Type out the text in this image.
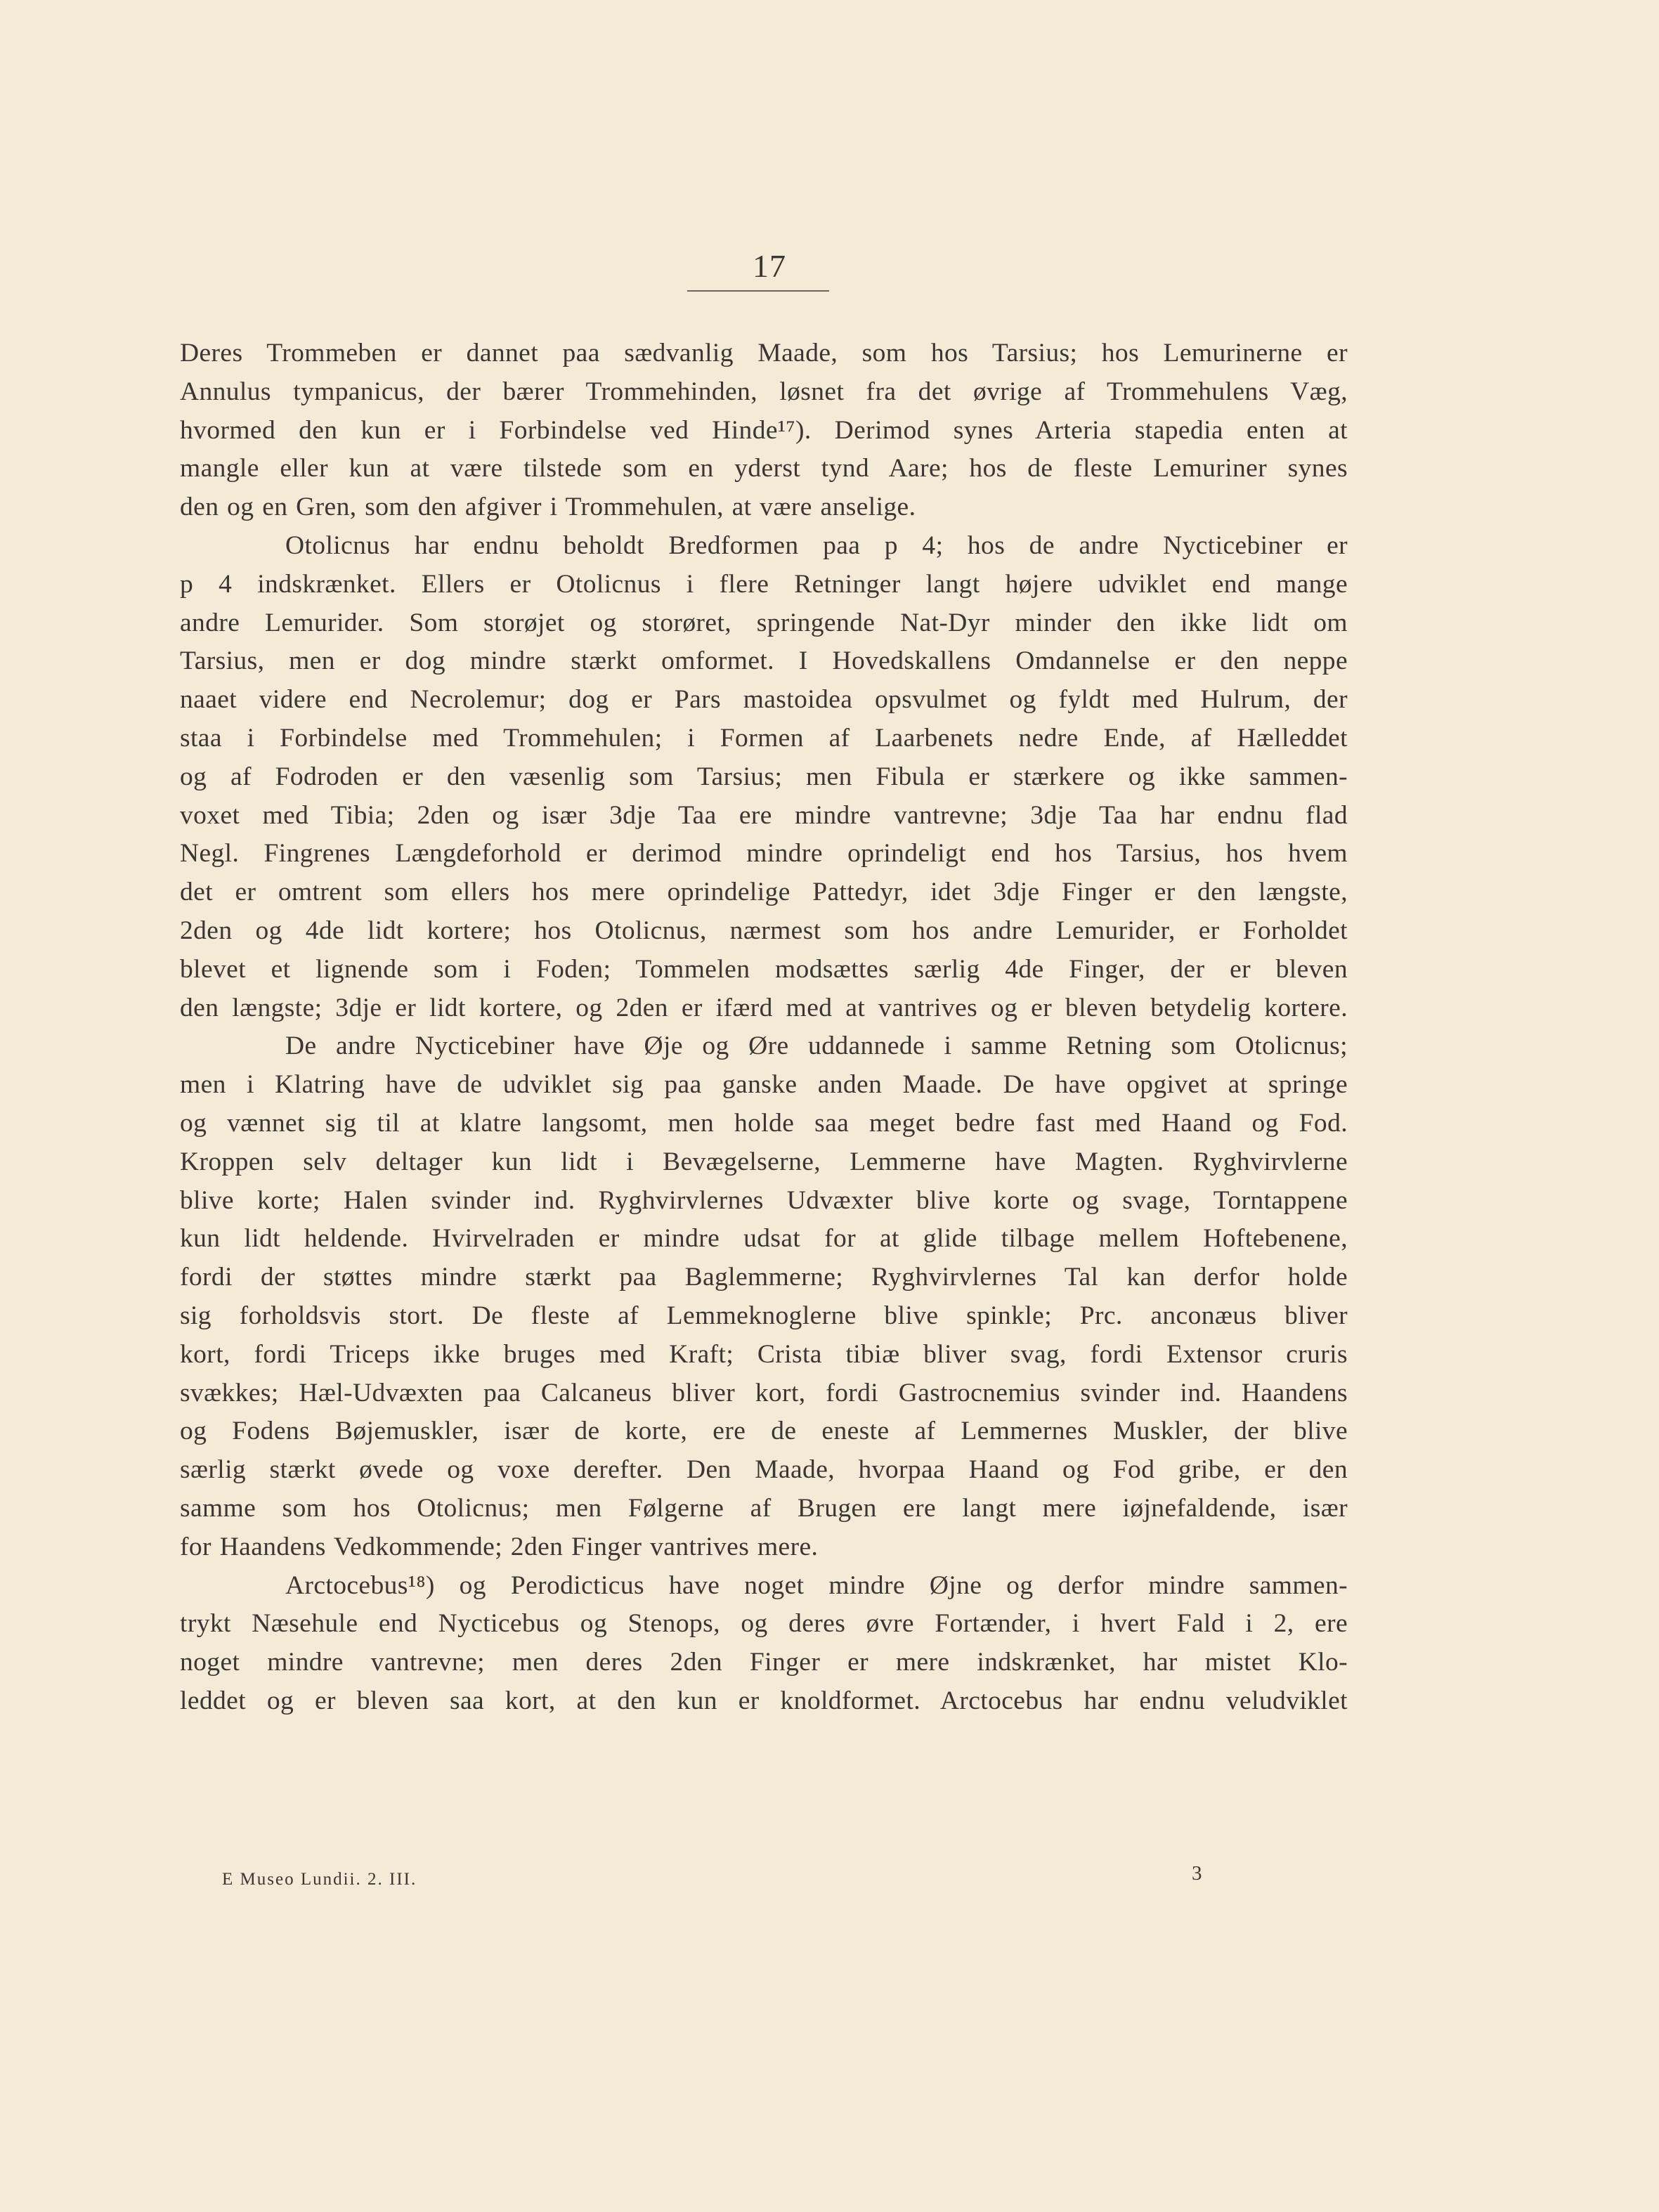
17
Deres Trommeben er dannet paa sædvanlig Maade, som hos Tarsius; hos Lemurinerne er
Annulus tympanicus, der bærer Trommehinden, løsnet fra det øvrige af Trommehulens Væg,
hvormed den kun er i Forbindelse ved Hinde¹⁷). Derimod synes Arteria stapedia enten at
mangle eller kun at være tilstede som en yderst tynd Aare; hos de fleste Lemuriner synes
den og en Gren, som den afgiver i Trommehulen, at være anselige.
Otolicnus har endnu beholdt Bredformen paa p 4; hos de andre Nycticebiner er
p 4 indskrænket. Ellers er Otolicnus i flere Retninger langt højere udviklet end mange
andre Lemurider. Som storøjet og storøret, springende Nat-Dyr minder den ikke lidt om
Tarsius, men er dog mindre stærkt omformet. I Hovedskallens Omdannelse er den neppe
naaet videre end Necrolemur; dog er Pars mastoidea opsvulmet og fyldt med Hulrum, der
staa i Forbindelse med Trommehulen; i Formen af Laarbenets nedre Ende, af Hælleddet
og af Fodroden er den væsenlig som Tarsius; men Fibula er stærkere og ikke sammen-
voxet med Tibia; 2den og især 3dje Taa ere mindre vantrevne; 3dje Taa har endnu flad
Negl. Fingrenes Længdeforhold er derimod mindre oprindeligt end hos Tarsius, hos hvem
det er omtrent som ellers hos mere oprindelige Pattedyr, idet 3dje Finger er den længste,
2den og 4de lidt kortere; hos Otolicnus, nærmest som hos andre Lemurider, er Forholdet
blevet et lignende som i Foden; Tommelen modsættes særlig 4de Finger, der er bleven
den længste; 3dje er lidt kortere, og 2den er ifærd med at vantrives og er bleven betydelig kortere.
De andre Nycticebiner have Øje og Øre uddannede i samme Retning som Otolicnus;
men i Klatring have de udviklet sig paa ganske anden Maade. De have opgivet at springe
og vænnet sig til at klatre langsomt, men holde saa meget bedre fast med Haand og Fod.
Kroppen selv deltager kun lidt i Bevægelserne, Lemmerne have Magten. Ryghvirvlerne
blive korte; Halen svinder ind. Ryghvirvlernes Udvæxter blive korte og svage, Torntappene
kun lidt heldende. Hvirvelraden er mindre udsat for at glide tilbage mellem Hoftebenene,
fordi der støttes mindre stærkt paa Baglemmerne; Ryghvirvlernes Tal kan derfor holde
sig forholdsvis stort. De fleste af Lemmeknoglerne blive spinkle; Prc. anconæus bliver
kort, fordi Triceps ikke bruges med Kraft; Crista tibiæ bliver svag, fordi Extensor cruris
svækkes; Hæl-Udvæxten paa Calcaneus bliver kort, fordi Gastrocnemius svinder ind. Haandens
og Fodens Bøjemuskler, især de korte, ere de eneste af Lemmernes Muskler, der blive
særlig stærkt øvede og voxe derefter. Den Maade, hvorpaa Haand og Fod gribe, er den
samme som hos Otolicnus; men Følgerne af Brugen ere langt mere iøjnefaldende, især
for Haandens Vedkommende; 2den Finger vantrives mere.
Arctocebus¹⁸) og Perodicticus have noget mindre Øjne og derfor mindre sammen-
trykt Næsehule end Nycticebus og Stenops, og deres øvre Fortænder, i hvert Fald i 2, ere
noget mindre vantrevne; men deres 2den Finger er mere indskrænket, har mistet Klo-
leddet og er bleven saa kort, at den kun er knoldformet. Arctocebus har endnu veludviklet
E Museo Lundii. 2. III.	3
